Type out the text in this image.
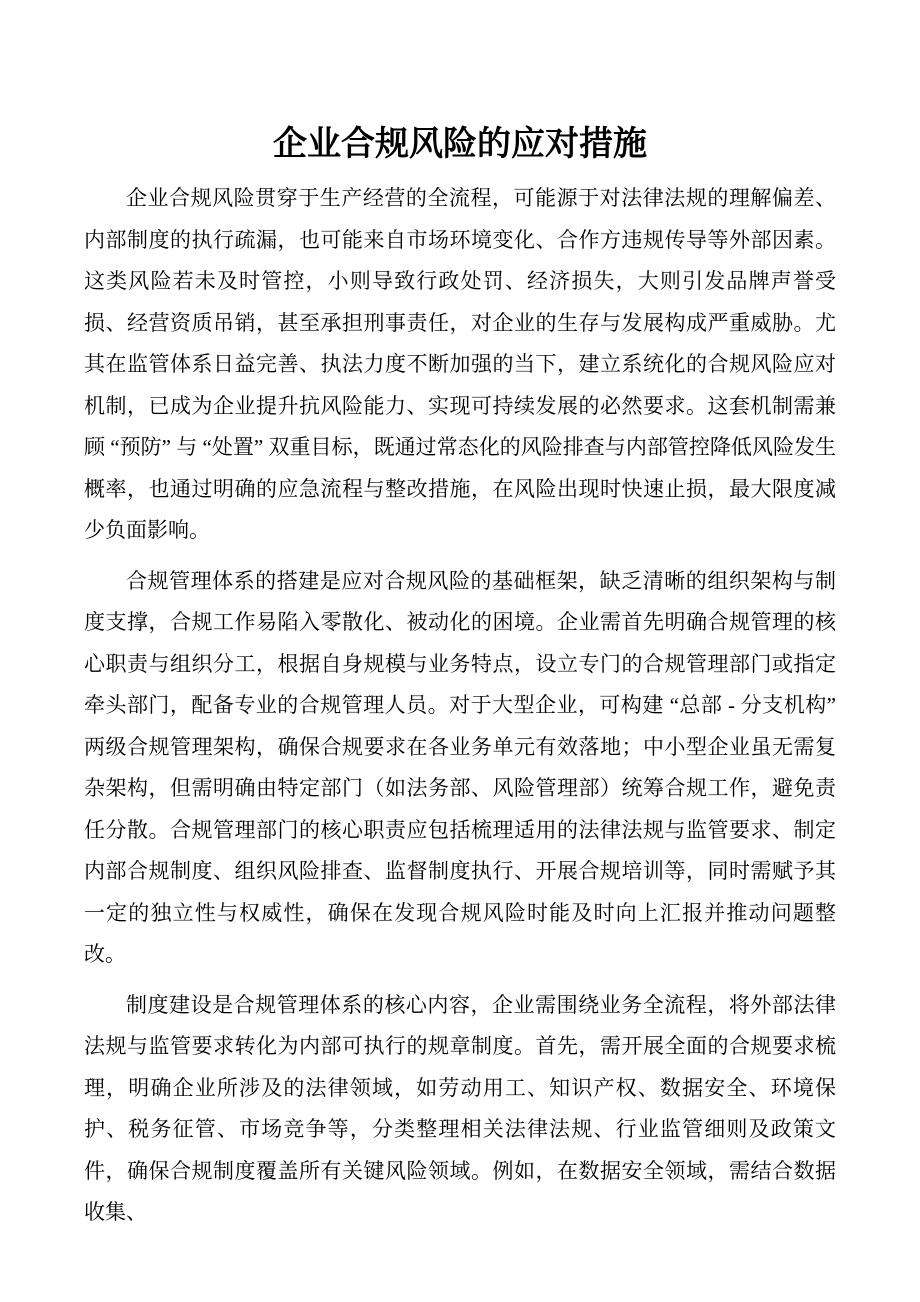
企业合规风险的应对措施

企业合规风险贯穿于生产经营的全流程，可能源于对法律法规的理解偏差、内部制度的执行疏漏，也可能来自市场环境变化、合作方违规传导等外部因素。这类风险若未及时管控，小则导致行政处罚、经济损失，大则引发品牌声誉受损、经营资质吊销，甚至承担刑事责任，对企业的生存与发展构成严重威胁。尤其在监管体系日益完善、执法力度不断加强的当下，建立系统化的合规风险应对机制，已成为企业提升抗风险能力、实现可持续发展的必然要求。这套机制需兼顾 “预防” 与 “处置” 双重目标，既通过常态化的风险排查与内部管控降低风险发生概率，也通过明确的应急流程与整改措施，在风险出现时快速止损，最大限度减少负面影响。

合规管理体系的搭建是应对合规风险的基础框架，缺乏清晰的组织架构与制度支撑，合规工作易陷入零散化、被动化的困境。企业需首先明确合规管理的核心职责与组织分工，根据自身规模与业务特点，设立专门的合规管理部门或指定牵头部门，配备专业的合规管理人员。对于大型企业，可构建 “总部 - 分支机构” 两级合规管理架构，确保合规要求在各业务单元有效落地；中小型企业虽无需复杂架构，但需明确由特定部门（如法务部、风险管理部）统筹合规工作，避免责任分散。合规管理部门的核心职责应包括梳理适用的法律法规与监管要求、制定内部合规制度、组织风险排查、监督制度执行、开展合规培训等，同时需赋予其一定的独立性与权威性，确保在发现合规风险时能及时向上汇报并推动问题整改。

制度建设是合规管理体系的核心内容，企业需围绕业务全流程，将外部法律法规与监管要求转化为内部可执行的规章制度。首先，需开展全面的合规要求梳理，明确企业所涉及的法律领域，如劳动用工、知识产权、数据安全、环境保护、税务征管、市场竞争等，分类整理相关法律法规、行业监管细则及政策文件，确保合规制度覆盖所有关键风险领域。例如，在数据安全领域，需结合数据收集、
